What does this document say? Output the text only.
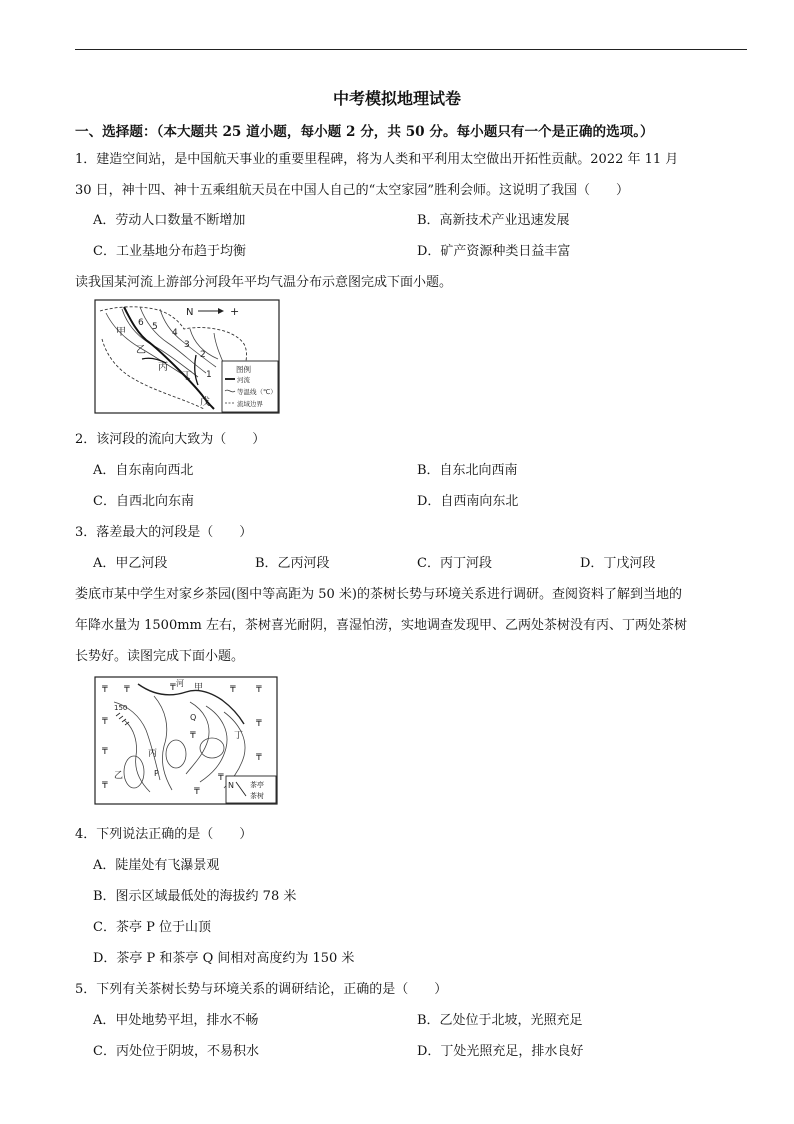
中考模拟地理试卷
一、选择题：（本大题共 25 道小题，每小题 2 分，共 50 分。每小题只有一个是正确的选项。）
1．建造空间站，是中国航天事业的重要里程碑，将为人类和平利用太空做出开拓性贡献。2022 年 11 月
30 日，神十四、神十五乘组航天员在中国人自己的“太空家园”胜利会师。这说明了我国（　　）
A．劳动人口数量不断增加	B．高新技术产业迅速发展
C．工业基地分布趋于均衡	D．矿产资源种类日益丰富
读我国某河流上游部分河段年平均气温分布示意图完成下面小题。
N	+
甲
乙
丙
丁
戊
6 5
4
3
2
1
图例
河流
等温线（℃）
流域边界
2．该河段的流向大致为（　　）
A．自东南向西北	B．自东北向西南
C．自西北向东南	D．自西南向东北
3．落差最大的河段是（　　）
A．甲乙河段	B．乙丙河段	C．丙丁河段	D．丁戊河段
娄底市某中学生对家乡茶园(图中等高距为 50 米)的茶树长势与环境关系进行调研。查阅资料了解到当地的
年降水量为 1500mm 左右，茶树喜光耐阴，喜湿怕涝，实地调查发现甲、乙两处茶树没有丙、丁两处茶树
长势好。读图完成下面小题。
₸ ₸	₸	₸ ₸
₸
₸
₸
₸
₸
₸
₸
₸
甲
乙
丙
丁
P
Q
河
150
N 茶亭
茶树
4．下列说法正确的是（　　）
A．陡崖处有飞瀑景观
B．图示区域最低处的海拔约 78 米
C．茶亭 P 位于山顶
D．茶亭 P 和茶亭 Q 间相对高度约为 150 米
5．下列有关茶树长势与环境关系的调研结论，正确的是（　　）
A．甲处地势平坦，排水不畅	B．乙处位于北坡，光照充足
C．丙处位于阴坡，不易积水	D．丁处光照充足，排水良好
